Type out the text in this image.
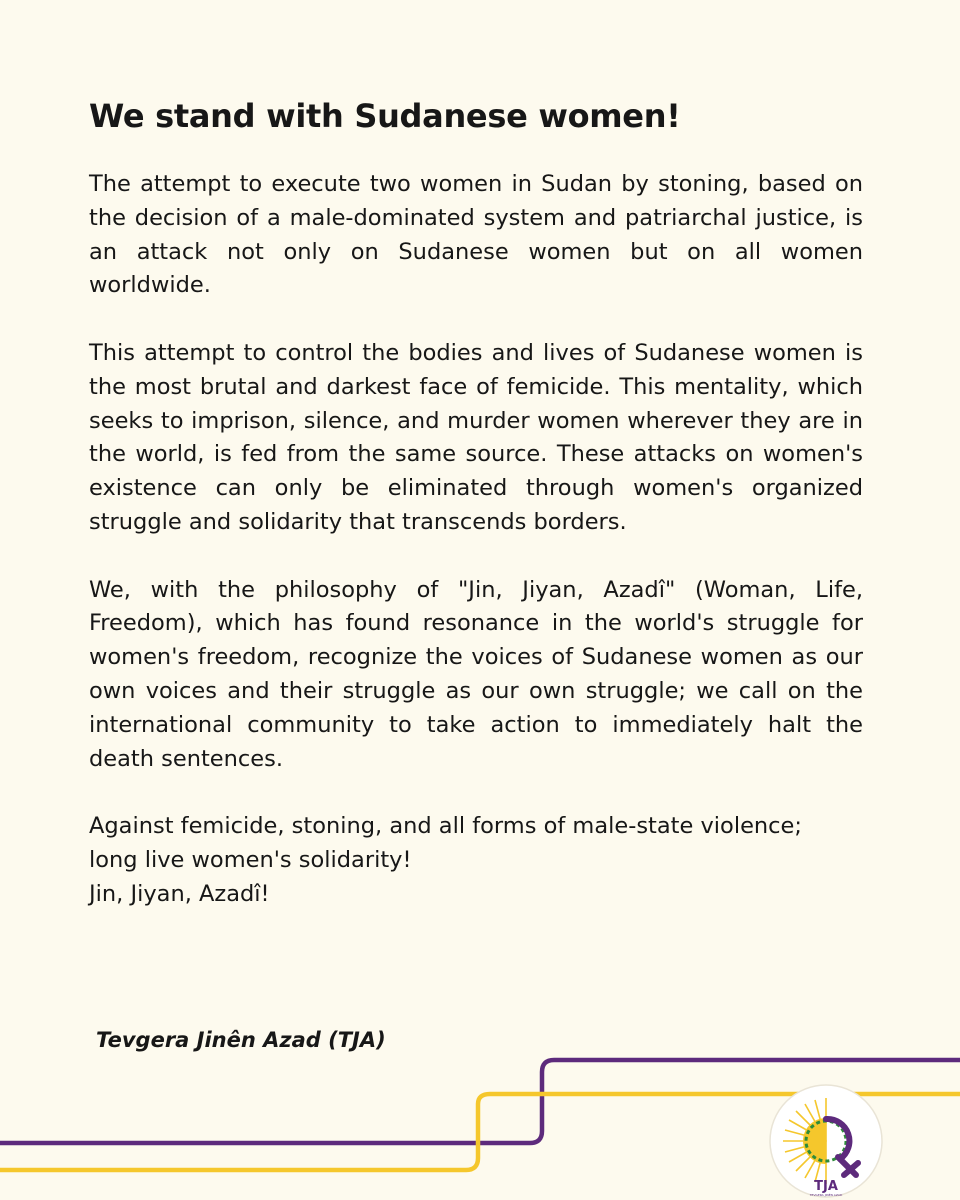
We stand with Sudanese women!

The attempt to execute two women in Sudan by stoning, based on the decision of a male-dominated system and patriarchal justice, is an attack not only on Sudanese women but on all women worldwide.

This attempt to control the bodies and lives of Sudanese women is the most brutal and darkest face of femicide. This mentality, which seeks to imprison, silence, and murder women wherever they are in the world, is fed from the same source. These attacks on women's existence can only be eliminated through women's organized struggle and solidarity that transcends borders.

We, with the philosophy of "Jin, Jiyan, Azadî" (Woman, Life, Freedom), which has found resonance in the world's struggle for women's freedom, recognize the voices of Sudanese women as our own voices and their struggle as our own struggle; we call on the international community to take action to immediately halt the death sentences.

Against femicide, stoning, and all forms of male-state violence;
long live women's solidarity!
Jin, Jiyan, Azadî!

Tevgera Jinên Azad (TJA)
TJA
TEVGERA JINÊN AZAD
